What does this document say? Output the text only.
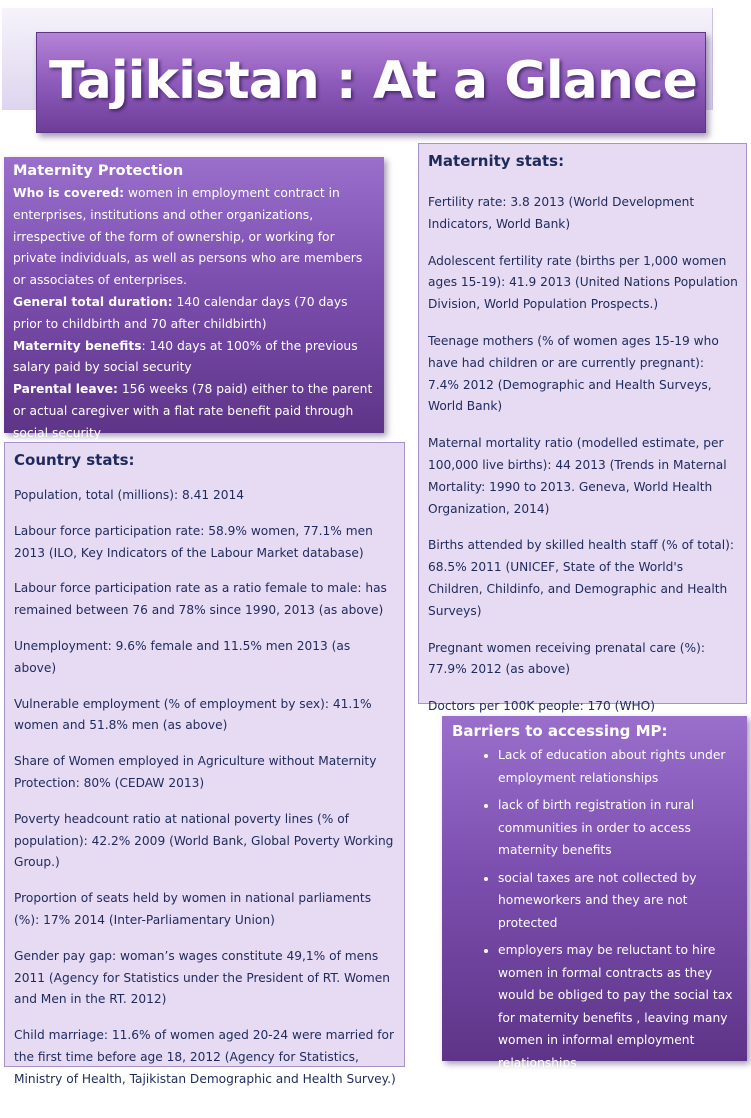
Tajikistan : At a Glance
Maternity Protection

Who is covered: women in employment contract in enterprises, institutions and other organizations, irrespective of the form of ownership, or working for private individuals, as well as persons who are members or associates of enterprises.

General total duration: 140 calendar days (70 days prior to childbirth and 70 after childbirth)

Maternity benefits: 140 days at 100% of the previous salary paid by social security

Parental leave: 156 weeks (78 paid) either to the parent or actual caregiver with a flat rate benefit paid through social security

Country stats:

Population, total (millions): 8.41 2014

Labour force participation rate: 58.9% women, 77.1% men 2013 (ILO, Key Indicators of the Labour Market database)

Labour force participation rate as a ratio female to male: has remained between 76 and 78% since 1990, 2013 (as above)

Unemployment: 9.6% female and 11.5% men 2013 (as above)

Vulnerable employment (% of employment by sex): 41.1% women and 51.8% men (as above)

Share of Women employed in Agriculture without Maternity Protection: 80% (CEDAW 2013)

Poverty headcount ratio at national poverty lines (% of population): 42.2% 2009 (World Bank, Global Poverty Working Group.)

Proportion of seats held by women in national parliaments (%): 17% 2014 (Inter-Parliamentary Union)

Gender pay gap: woman’s wages constitute 49,1% of mens 2011 (Agency for Statistics under the President of RT. Women and Men in the RT. 2012)

Child marriage: 11.6% of women aged 20-24 were married for the first time before age 18, 2012 (Agency for Statistics, Ministry of Health, Tajikistan Demographic and Health Survey.)

Maternity stats:

Fertility rate: 3.8 2013 (World Development Indicators, World Bank)

Adolescent fertility rate (births per 1,000 women ages 15-19): 41.9 2013 (United Nations Population Division, World Population Prospects.)

Teenage mothers (% of women ages 15-19 who have had children or are currently pregnant): 7.4% 2012 (Demographic and Health Surveys, World Bank)

Maternal mortality ratio (modelled estimate, per 100,000 live births): 44 2013 (Trends in Maternal Mortality: 1990 to 2013. Geneva, World Health Organization, 2014)

Births attended by skilled health staff (% of total): 68.5% 2011 (UNICEF, State of the World's Children, Childinfo, and Demographic and Health Surveys)

Pregnant women receiving prenatal care (%): 77.9% 2012 (as above)

Doctors per 100K people: 170 (WHO)

Barriers to accessing MP:
• Lack of education about rights under employment relationships
• lack of birth registration in rural communities in order to access maternity benefits
• social taxes are not collected by homeworkers and they are not protected
• employers may be reluctant to hire women in formal contracts as they would be obliged to pay the social tax for maternity benefits , leaving many women in informal employment relationships
Solutions:
